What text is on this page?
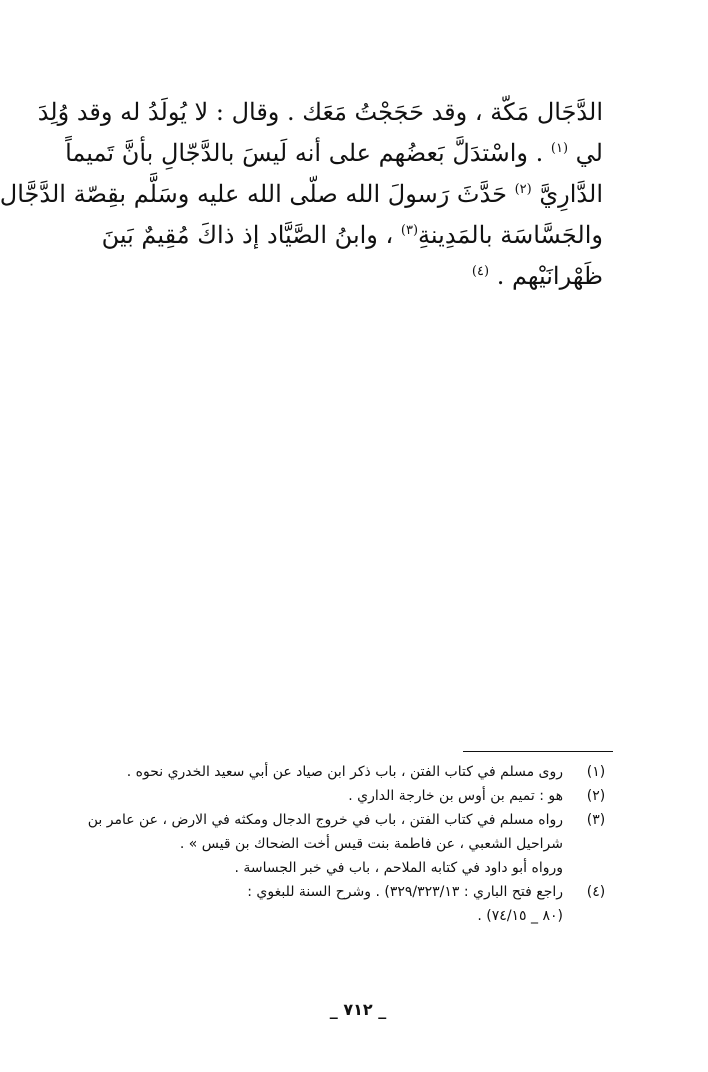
الدَّجَال مَكّة ، وقد حَجَجْتُ مَعَك . وقال : لا يُولَدُ له وقد وُلِدَ
لي $^{(١)}$ . واسْتدَلَّ بَعضُهم على أنه لَيسَ بالدَّجّالِ بأنَّ تَميماً
الدَّارِيَّ $^{(٢)}$ حَدَّثَ رَسولَ الله صلّى الله عليه وسَلَّم بقِصّة الدَّجَّال
والجَسَّاسَة بالمَدِينةِ$^{(٣)}$ ، وابنُ الصَّيَّاد إذ ذاكَ مُقِيمٌ بَينَ
ظَهْرانَيْهم . $^{(٤)}$
(١)
روى مسلم في كتاب الفتن ، باب ذكر ابن صياد عن أبي سعيد الخدري نحوه .
(٢)
هو : تميم بن أوس بن خارجة الداري .
(٣)
رواه مسلم في كتاب الفتن ، باب في خروج الدجال ومكثه في الارض ، عن عامر بن
شراحيل الشعبي ، عن فاطمة بنت قيس أخت الضحاك بن قيس » .
ورواه أبو داود في كتابه الملاحم ، باب في خبر الجساسة .
(٤)
راجع فتح الباري : ٣٢٩/٣٢٣/١٣) . وشرح السنة للبغوي :
(٨٠ _ ٧٤/١٥) .
_ ٧١٢ _
